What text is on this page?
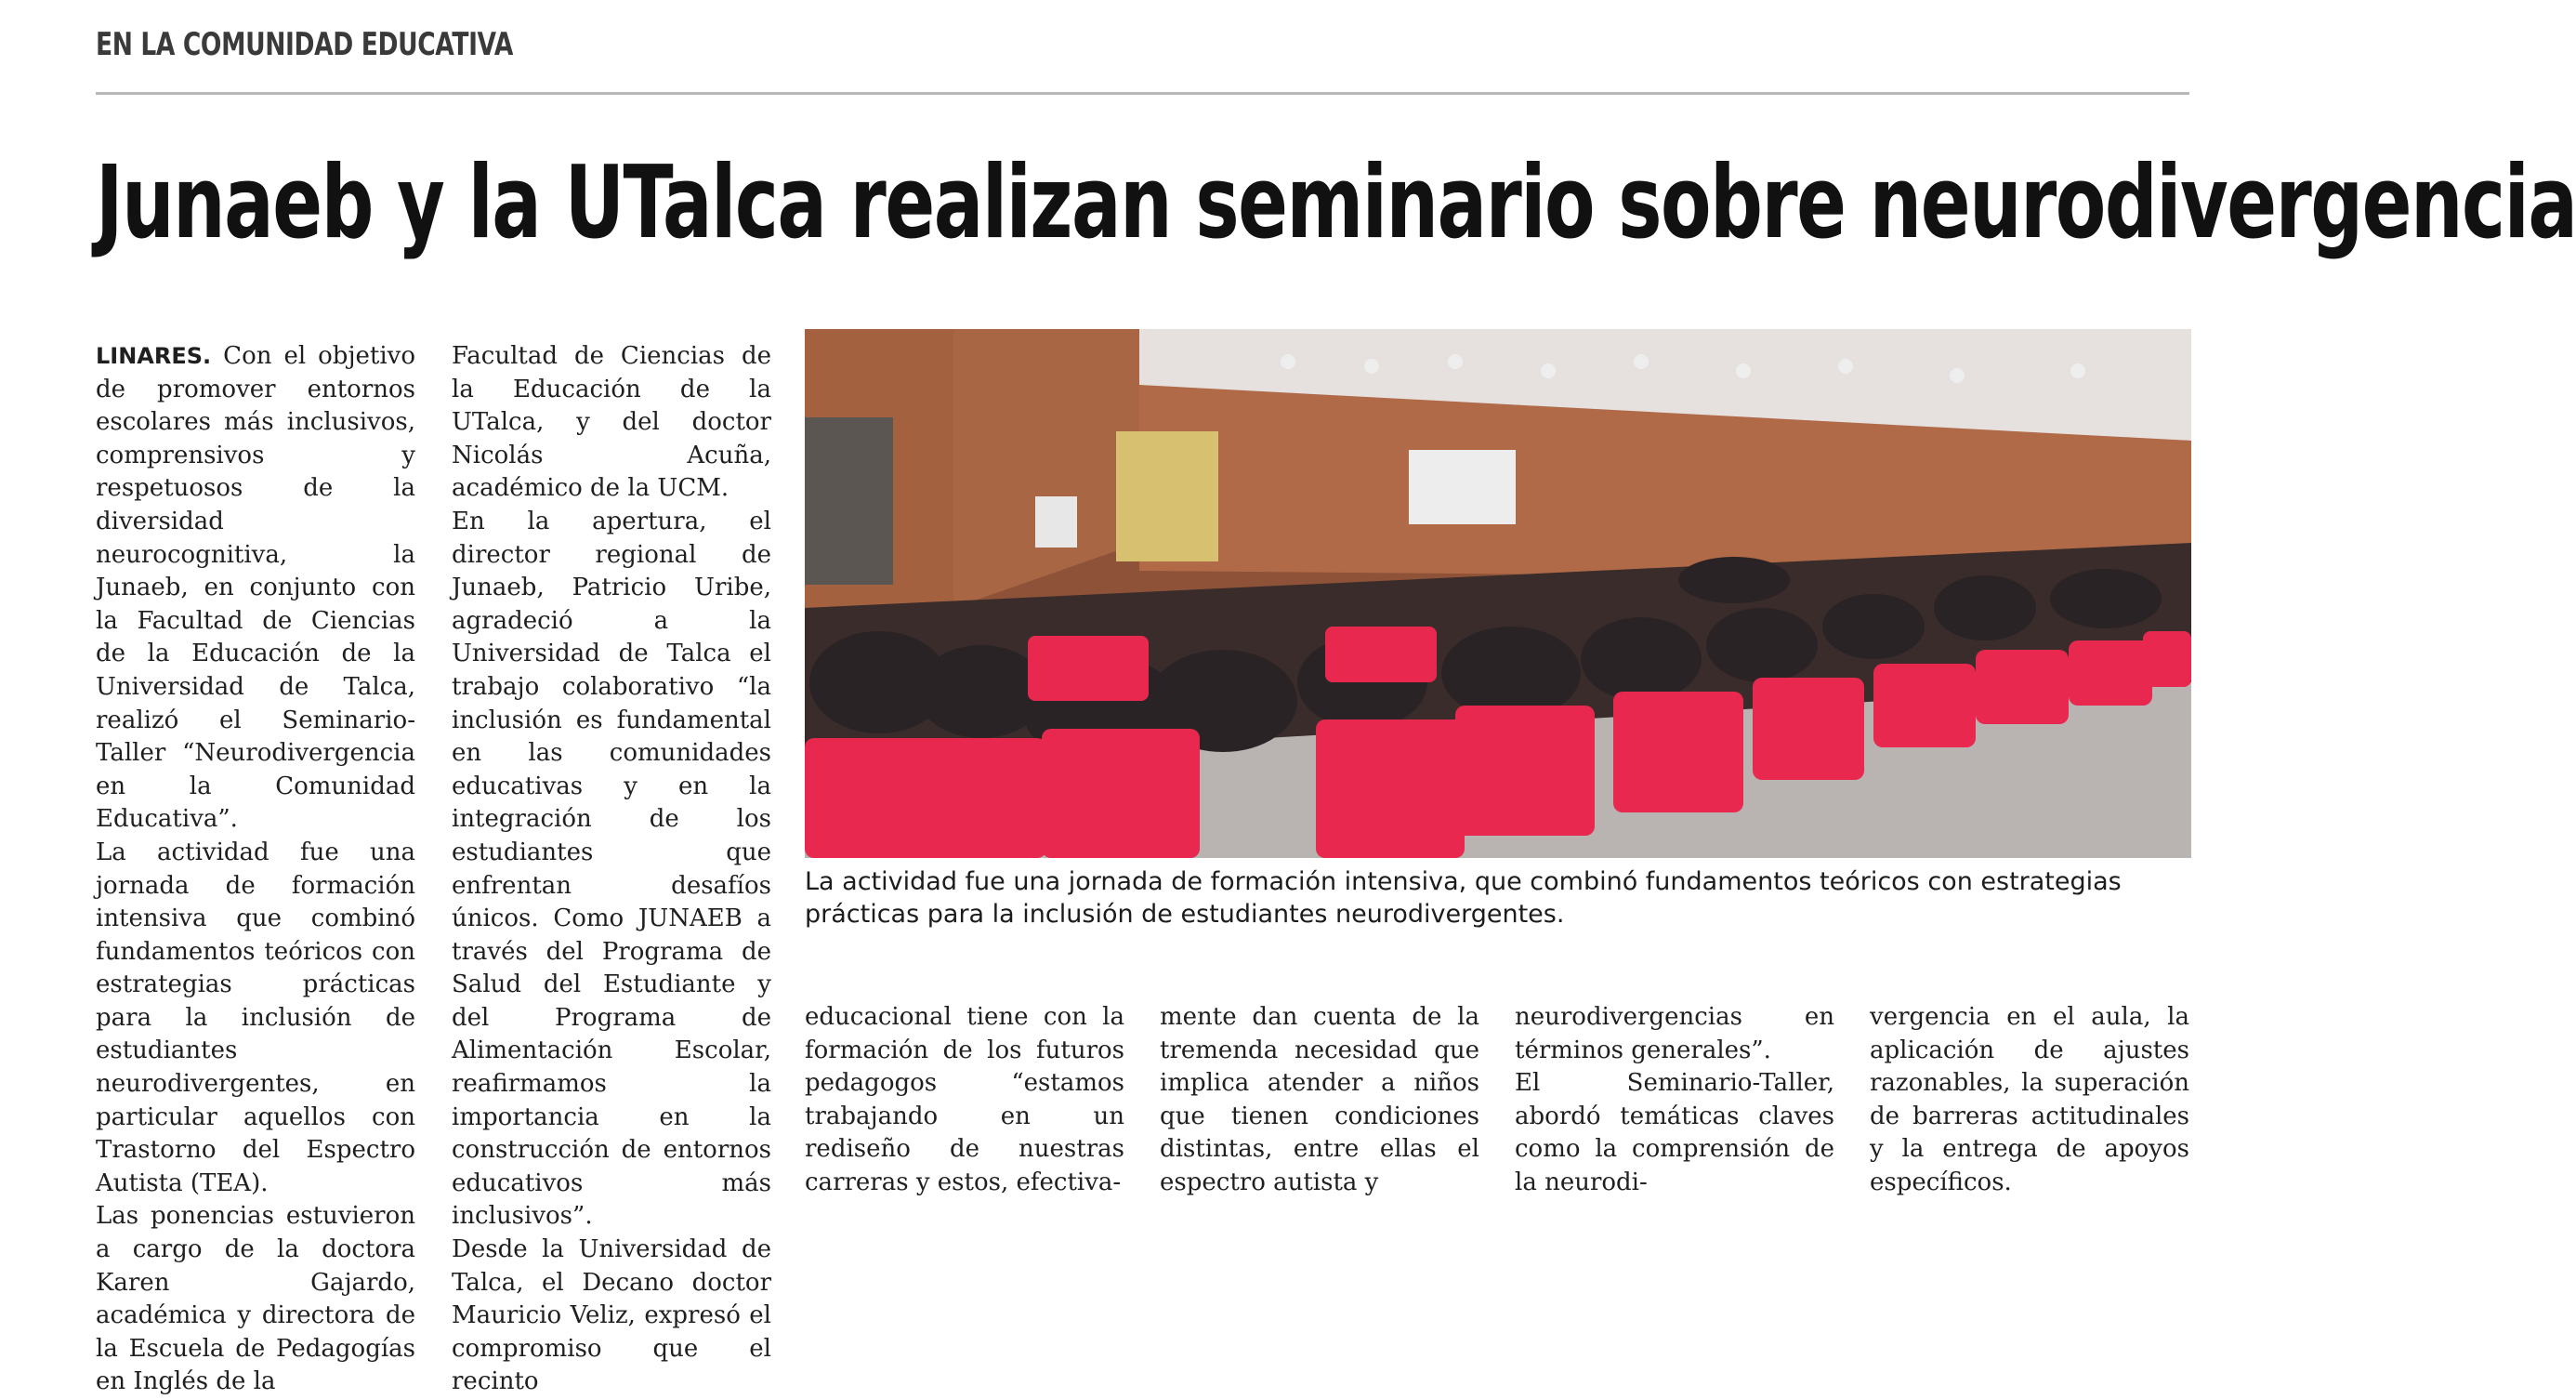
EN LA COMUNIDAD EDUCATIVA
Junaeb y la UTalca realizan seminario sobre neurodivergencia

LINARES. Con el objetivo de promover entornos escolares más inclusivos, comprensivos y respetuosos de la diversidad neurocognitiva, la Junaeb, en conjunto con la Facultad de Ciencias de la Educación de la Universidad de Talca, realizó el Seminario-Taller “Neurodivergencia en la Comunidad Educativa”.

La actividad fue una jornada de formación intensiva que combinó fundamentos teóricos con estrategias prácticas para la inclusión de estudiantes neurodivergentes, en particular aquellos con Trastorno del Espectro Autista (TEA).

Las ponencias estuvieron a cargo de la doctora Karen Gajardo, académica y directora de la Escuela de Pedagogías en Inglés de la

Facultad de Ciencias de la Educación de la UTalca, y del doctor Nicolás Acuña, académico de la UCM.

En la apertura, el director regional de Junaeb, Patricio Uribe, agradeció a la Universidad de Talca el trabajo colaborativo “la inclusión es fundamental en las comunidades educativas y en la integración de los estudiantes que enfrentan desafíos únicos. Como JUNAEB a través del Programa de Salud del Estudiante y del Programa de Alimentación Escolar, reafirmamos la importancia en la construcción de entornos educativos más inclusivos”.

Desde la Universidad de Talca, el Decano doctor Mauricio Veliz, expresó el compromiso que el recinto

La actividad fue una jornada de formación intensiva, que combinó fundamentos teóricos con estrategias prácticas para la inclusión de estudiantes neurodivergentes.

educacional tiene con la formación de los futuros pedagogos “estamos trabajando en un rediseño de nuestras carreras y estos, efectiva-

mente dan cuenta de la tremenda necesidad que implica atender a niños que tienen condiciones distintas, entre ellas el espectro autista y

neurodivergencias en términos generales”.

El Seminario-Taller, abordó temáticas claves como la comprensión de la neurodi-

vergencia en el aula, la aplicación de ajustes razonables, la superación de barreras actitudinales y la entrega de apoyos específicos.
